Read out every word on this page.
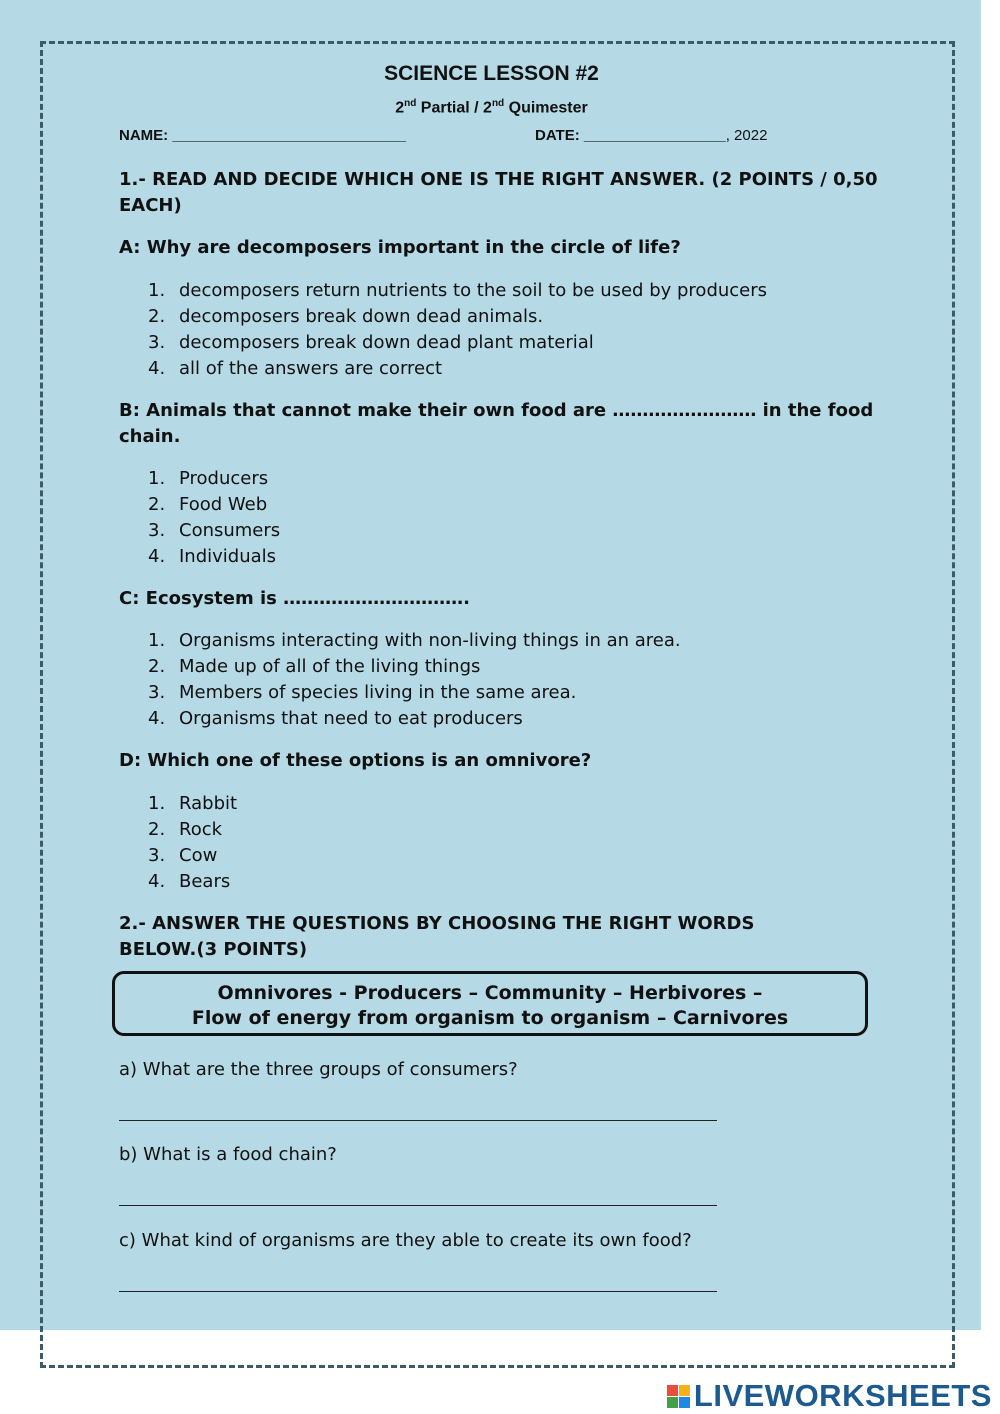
SCIENCE LESSON #2
2nd Partial / 2nd Quimester
NAME: ____________________________	DATE: _________________, 2022
1.- READ AND DECIDE WHICH ONE IS THE RIGHT ANSWER. (2 POINTS / 0,50 EACH)
A: Why are decomposers important in the circle of life?
1. decomposers return nutrients to the soil to be used by producers
2. decomposers break down dead animals.
3. decomposers break down dead plant material
4. all of the answers are correct
B: Animals that cannot make their own food are …………………… in the food chain.
1. Producers
2. Food Web
3. Consumers
4. Individuals
C: Ecosystem is ………………………….
1. Organisms interacting with non-living things in an area.
2. Made up of all of the living things
3. Members of species living in the same area.
4. Organisms that need to eat producers
D: Which one of these options is an omnivore?
1. Rabbit
2. Rock
3. Cow
4. Bears
2.- ANSWER THE QUESTIONS BY CHOOSING THE RIGHT WORDS BELOW.(3 POINTS)
Omnivores - Producers – Community – Herbivores –
Flow of energy from organism to organism – Carnivores
a) What are the three groups of consumers?
b) What is a food chain?
c) What kind of organisms are they able to create its own food?
LIVEWORKSHEETS
